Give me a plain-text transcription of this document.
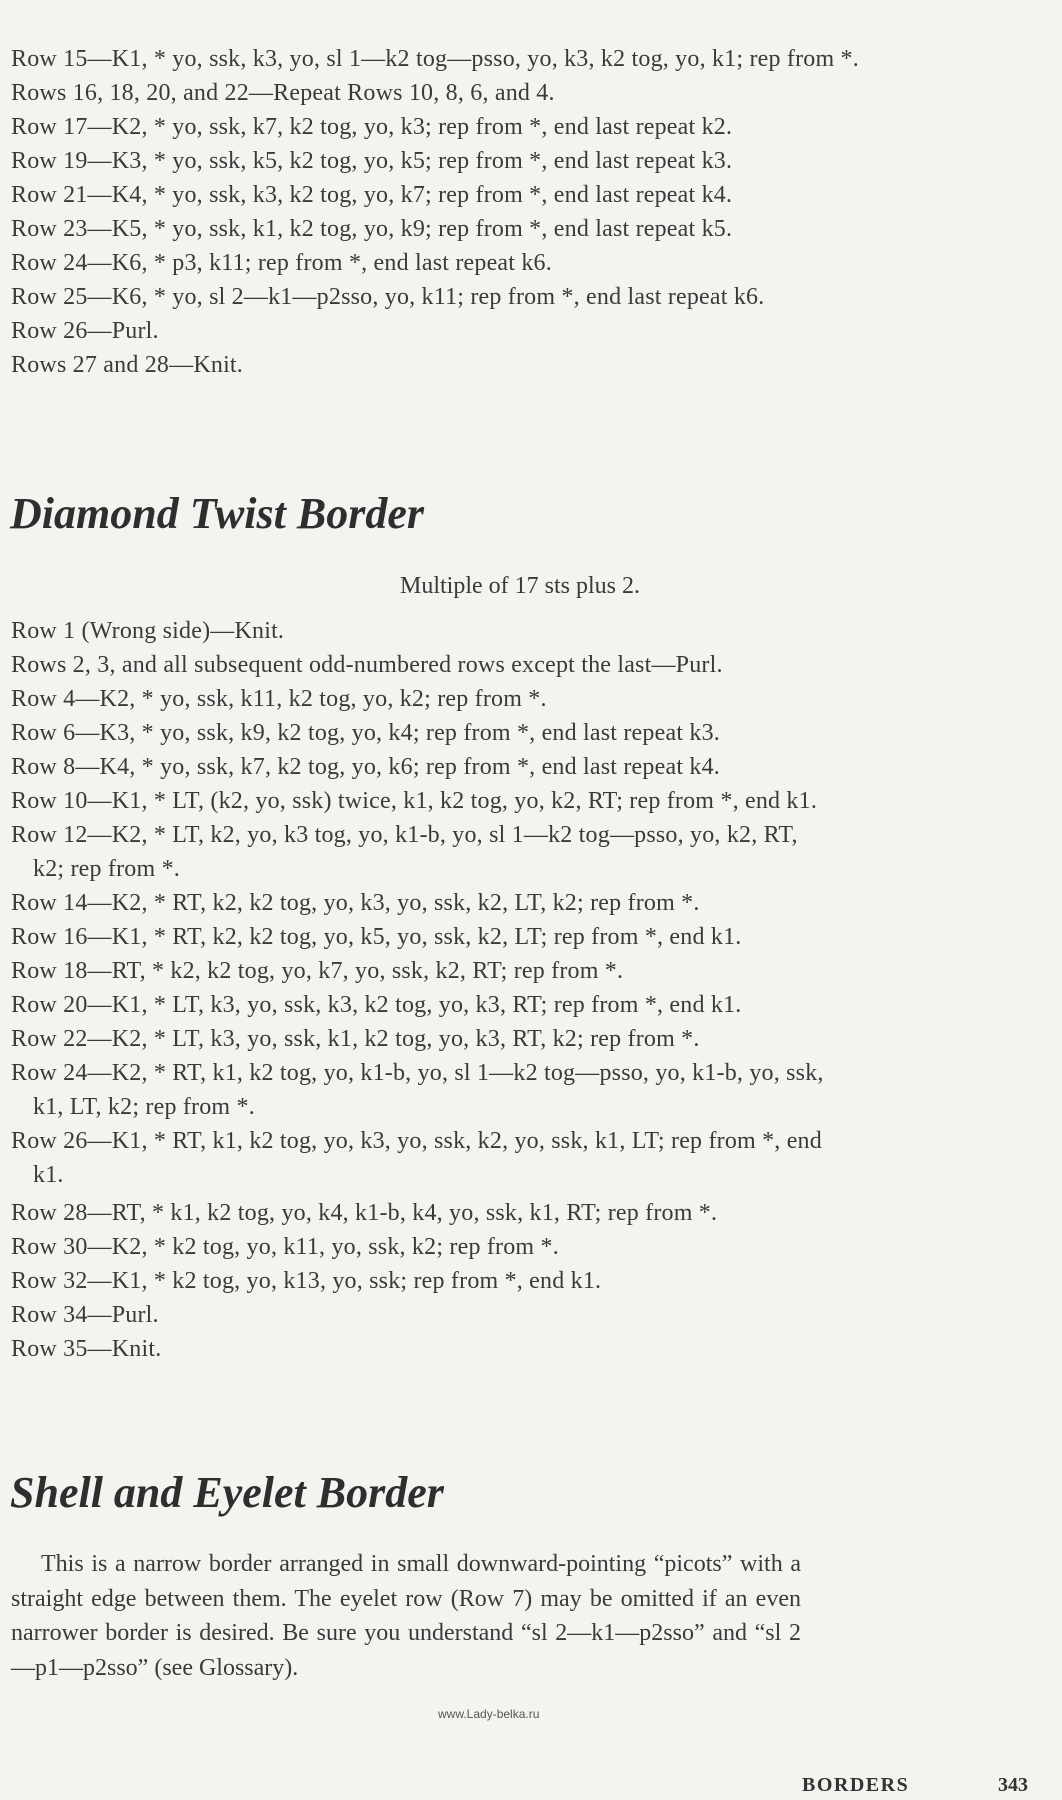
Row 15—K1, * yo, ssk, k3, yo, sl 1—k2 tog—psso, yo, k3, k2 tog, yo, k1; rep from *.

Rows 16, 18, 20, and 22—Repeat Rows 10, 8, 6, and 4.

Row 17—K2, * yo, ssk, k7, k2 tog, yo, k3; rep from *, end last repeat k2.

Row 19—K3, * yo, ssk, k5, k2 tog, yo, k5; rep from *, end last repeat k3.

Row 21—K4, * yo, ssk, k3, k2 tog, yo, k7; rep from *, end last repeat k4.

Row 23—K5, * yo, ssk, k1, k2 tog, yo, k9; rep from *, end last repeat k5.

Row 24—K6, * p3, k11; rep from *, end last repeat k6.

Row 25—K6, * yo, sl 2—k1—p2sso, yo, k11; rep from *, end last repeat k6.

Row 26—Purl.

Rows 27 and 28—Knit.

Diamond Twist Border

Multiple of 17 sts plus 2.

Row 1 (Wrong side)—Knit.

Rows 2, 3, and all subsequent odd-numbered rows except the last—Purl.

Row 4—K2, * yo, ssk, k11, k2 tog, yo, k2; rep from *.

Row 6—K3, * yo, ssk, k9, k2 tog, yo, k4; rep from *, end last repeat k3.

Row 8—K4, * yo, ssk, k7, k2 tog, yo, k6; rep from *, end last repeat k4.

Row 10—K1, * LT, (k2, yo, ssk) twice, k1, k2 tog, yo, k2, RT; rep from *, end k1.

Row 12—K2, * LT, k2, yo, k3 tog, yo, k1-b, yo, sl 1—k2 tog—psso, yo, k2, RT,

k2; rep from *.

Row 14—K2, * RT, k2, k2 tog, yo, k3, yo, ssk, k2, LT, k2; rep from *.

Row 16—K1, * RT, k2, k2 tog, yo, k5, yo, ssk, k2, LT; rep from *, end k1.

Row 18—RT, * k2, k2 tog, yo, k7, yo, ssk, k2, RT; rep from *.

Row 20—K1, * LT, k3, yo, ssk, k3, k2 tog, yo, k3, RT; rep from *, end k1.

Row 22—K2, * LT, k3, yo, ssk, k1, k2 tog, yo, k3, RT, k2; rep from *.

Row 24—K2, * RT, k1, k2 tog, yo, k1-b, yo, sl 1—k2 tog—psso, yo, k1-b, yo, ssk,

k1, LT, k2; rep from *.

Row 26—K1, * RT, k1, k2 tog, yo, k3, yo, ssk, k2, yo, ssk, k1, LT; rep from *, end

k1.

Row 28—RT, * k1, k2 tog, yo, k4, k1-b, k4, yo, ssk, k1, RT; rep from *.

Row 30—K2, * k2 tog, yo, k11, yo, ssk, k2; rep from *.

Row 32—K1, * k2 tog, yo, k13, yo, ssk; rep from *, end k1.

Row 34—Purl.

Row 35—Knit.

Shell and Eyelet Border

This is a narrow border arranged in small downward-pointing “picots” with a straight edge between them. The eyelet row (Row 7) may be omitted if an even narrower border is desired. Be sure you understand “sl 2—k1—p2sso” and “sl 2—p1—p2sso” (see Glossary).

www.Lady-belka.ru

BORDERS	343
